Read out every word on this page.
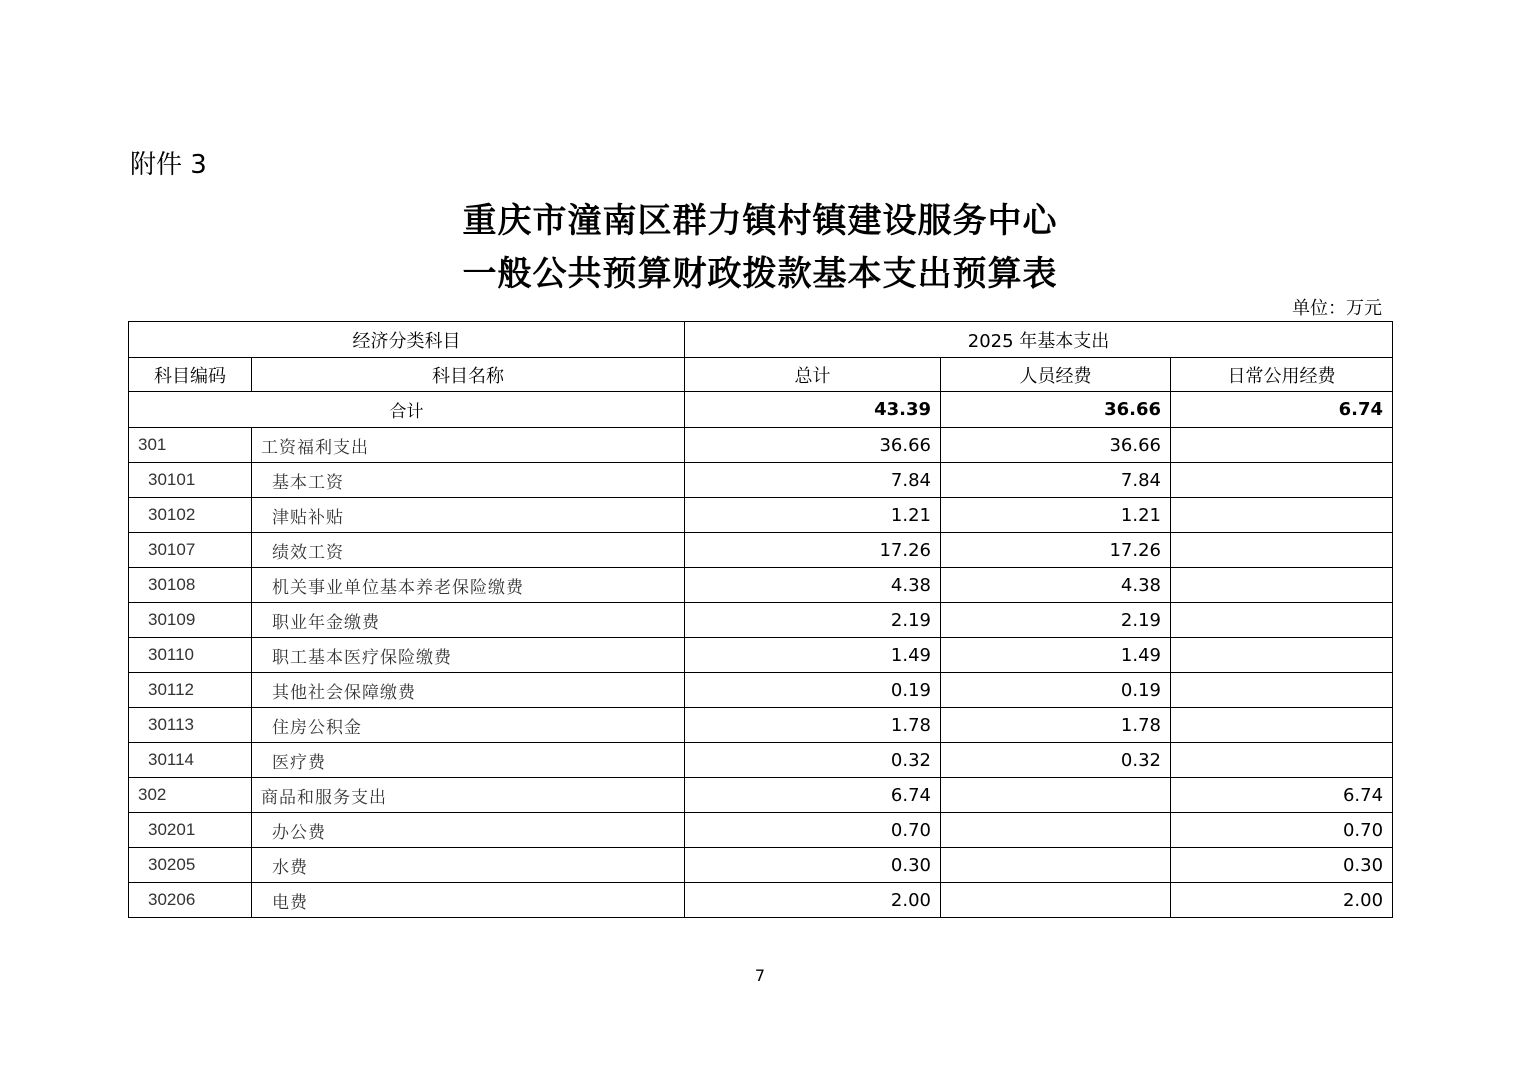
附件 3
重庆市潼南区群力镇村镇建设服务中心
一般公共预算财政拨款基本支出预算表
单位：万元
经济分类科目		2025 年基本支出		
科目编码	科目名称	总计	人员经费	日常公用经费
合计		43.39	36.66	6.74
301	工资福利支出	36.66	36.66	
30101	基本工资	7.84	7.84	
30102	津贴补贴	1.21	1.21	
30107	绩效工资	17.26	17.26	
30108	机关事业单位基本养老保险缴费	4.38	4.38	
30109	职业年金缴费	2.19	2.19	
30110	职工基本医疗保险缴费	1.49	1.49	
30112	其他社会保障缴费	0.19	0.19	
30113	住房公积金	1.78	1.78	
30114	医疗费	0.32	0.32	
302	商品和服务支出	6.74		6.74
30201	办公费	0.70		0.70
30205	水费	0.30		0.30
30206	电费	2.00		2.00
7
